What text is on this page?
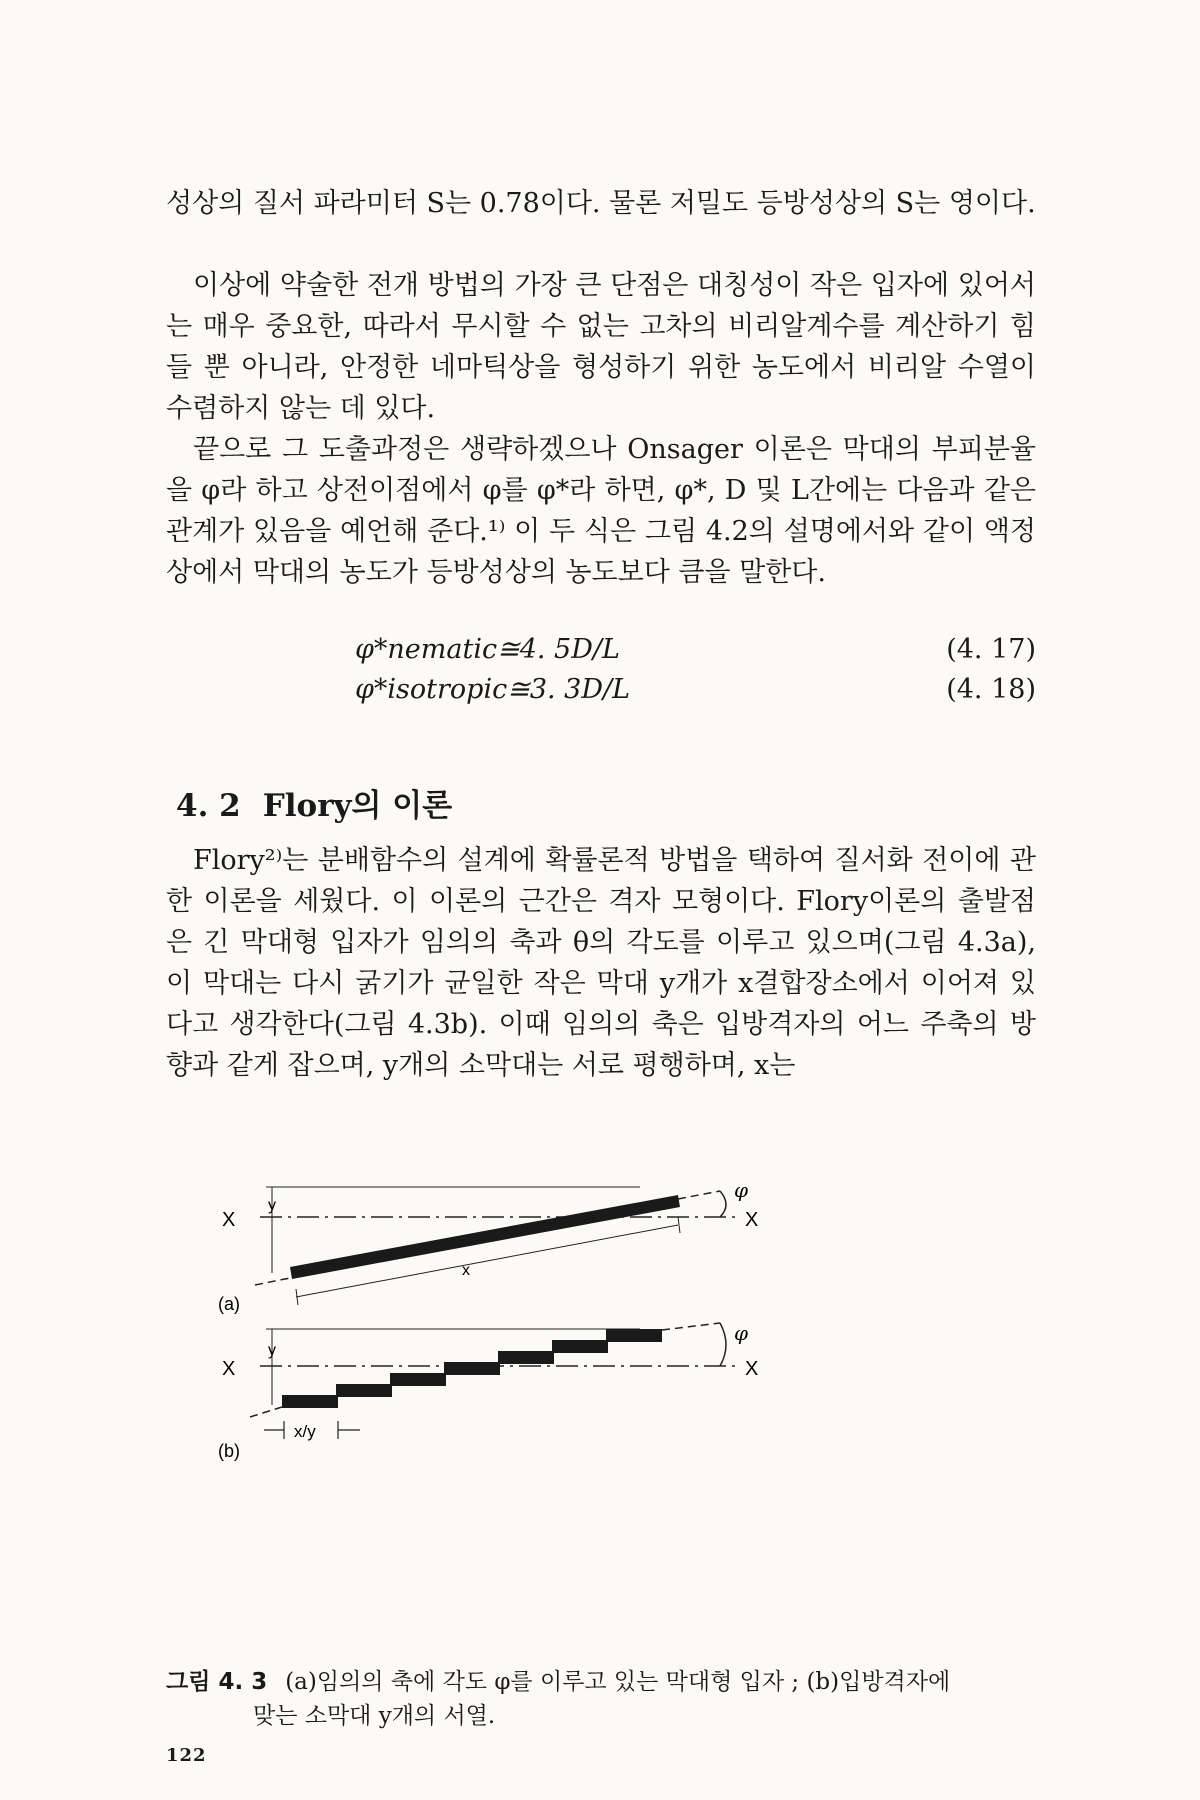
성상의 질서 파라미터 S는 0.78이다. 물론 저밀도 등방성상의 S는 영이다.
이상에 약술한 전개 방법의 가장 큰 단점은 대칭성이 작은 입자에 있어서는 매우 중요한, 따라서 무시할 수 없는 고차의 비리알계수를 계산하기 힘들 뿐 아니라, 안정한 네마틱상을 형성하기 위한 농도에서 비리알 수열이 수렴하지 않는 데 있다.
끝으로 그 도출과정은 생략하겠으나 Onsager 이론은 막대의 부피분율을 φ라 하고 상전이점에서 φ를 φ*라 하면, φ*, D 및 L간에는 다음과 같은 관계가 있음을 예언해 준다.¹⁾ 이 두 식은 그림 4.2의 설명에서와 같이 액정상에서 막대의 농도가 등방성상의 농도보다 큼을 말한다.
φ*nematic≅4. 5D/L	(4. 17)
φ*isotropic≅3. 3D/L	(4. 18)
4. 2 Flory의 이론
Flory²⁾는 분배함수의 설계에 확률론적 방법을 택하여 질서화 전이에 관한 이론을 세웠다. 이 이론의 근간은 격자 모형이다. Flory이론의 출발점은 긴 막대형 입자가 임의의 축과 θ의 각도를 이루고 있으며(그림 4.3a), 이 막대는 다시 굵기가 균일한 작은 막대 y개가 x결합장소에서 이어져 있다고 생각한다(그림 4.3b). 이때 임의의 축은 입방격자의 어느 주축의 방향과 같게 잡으며, y개의 소막대는 서로 평행하며, x는
X	X
y
x
φ
(a)
X	X
y
x/y
φ
(b)
그림 4. 3 (a)임의의 축에 각도 φ를 이루고 있는 막대형 입자 ; (b)입방격자에
맞는 소막대 y개의 서열.
122
